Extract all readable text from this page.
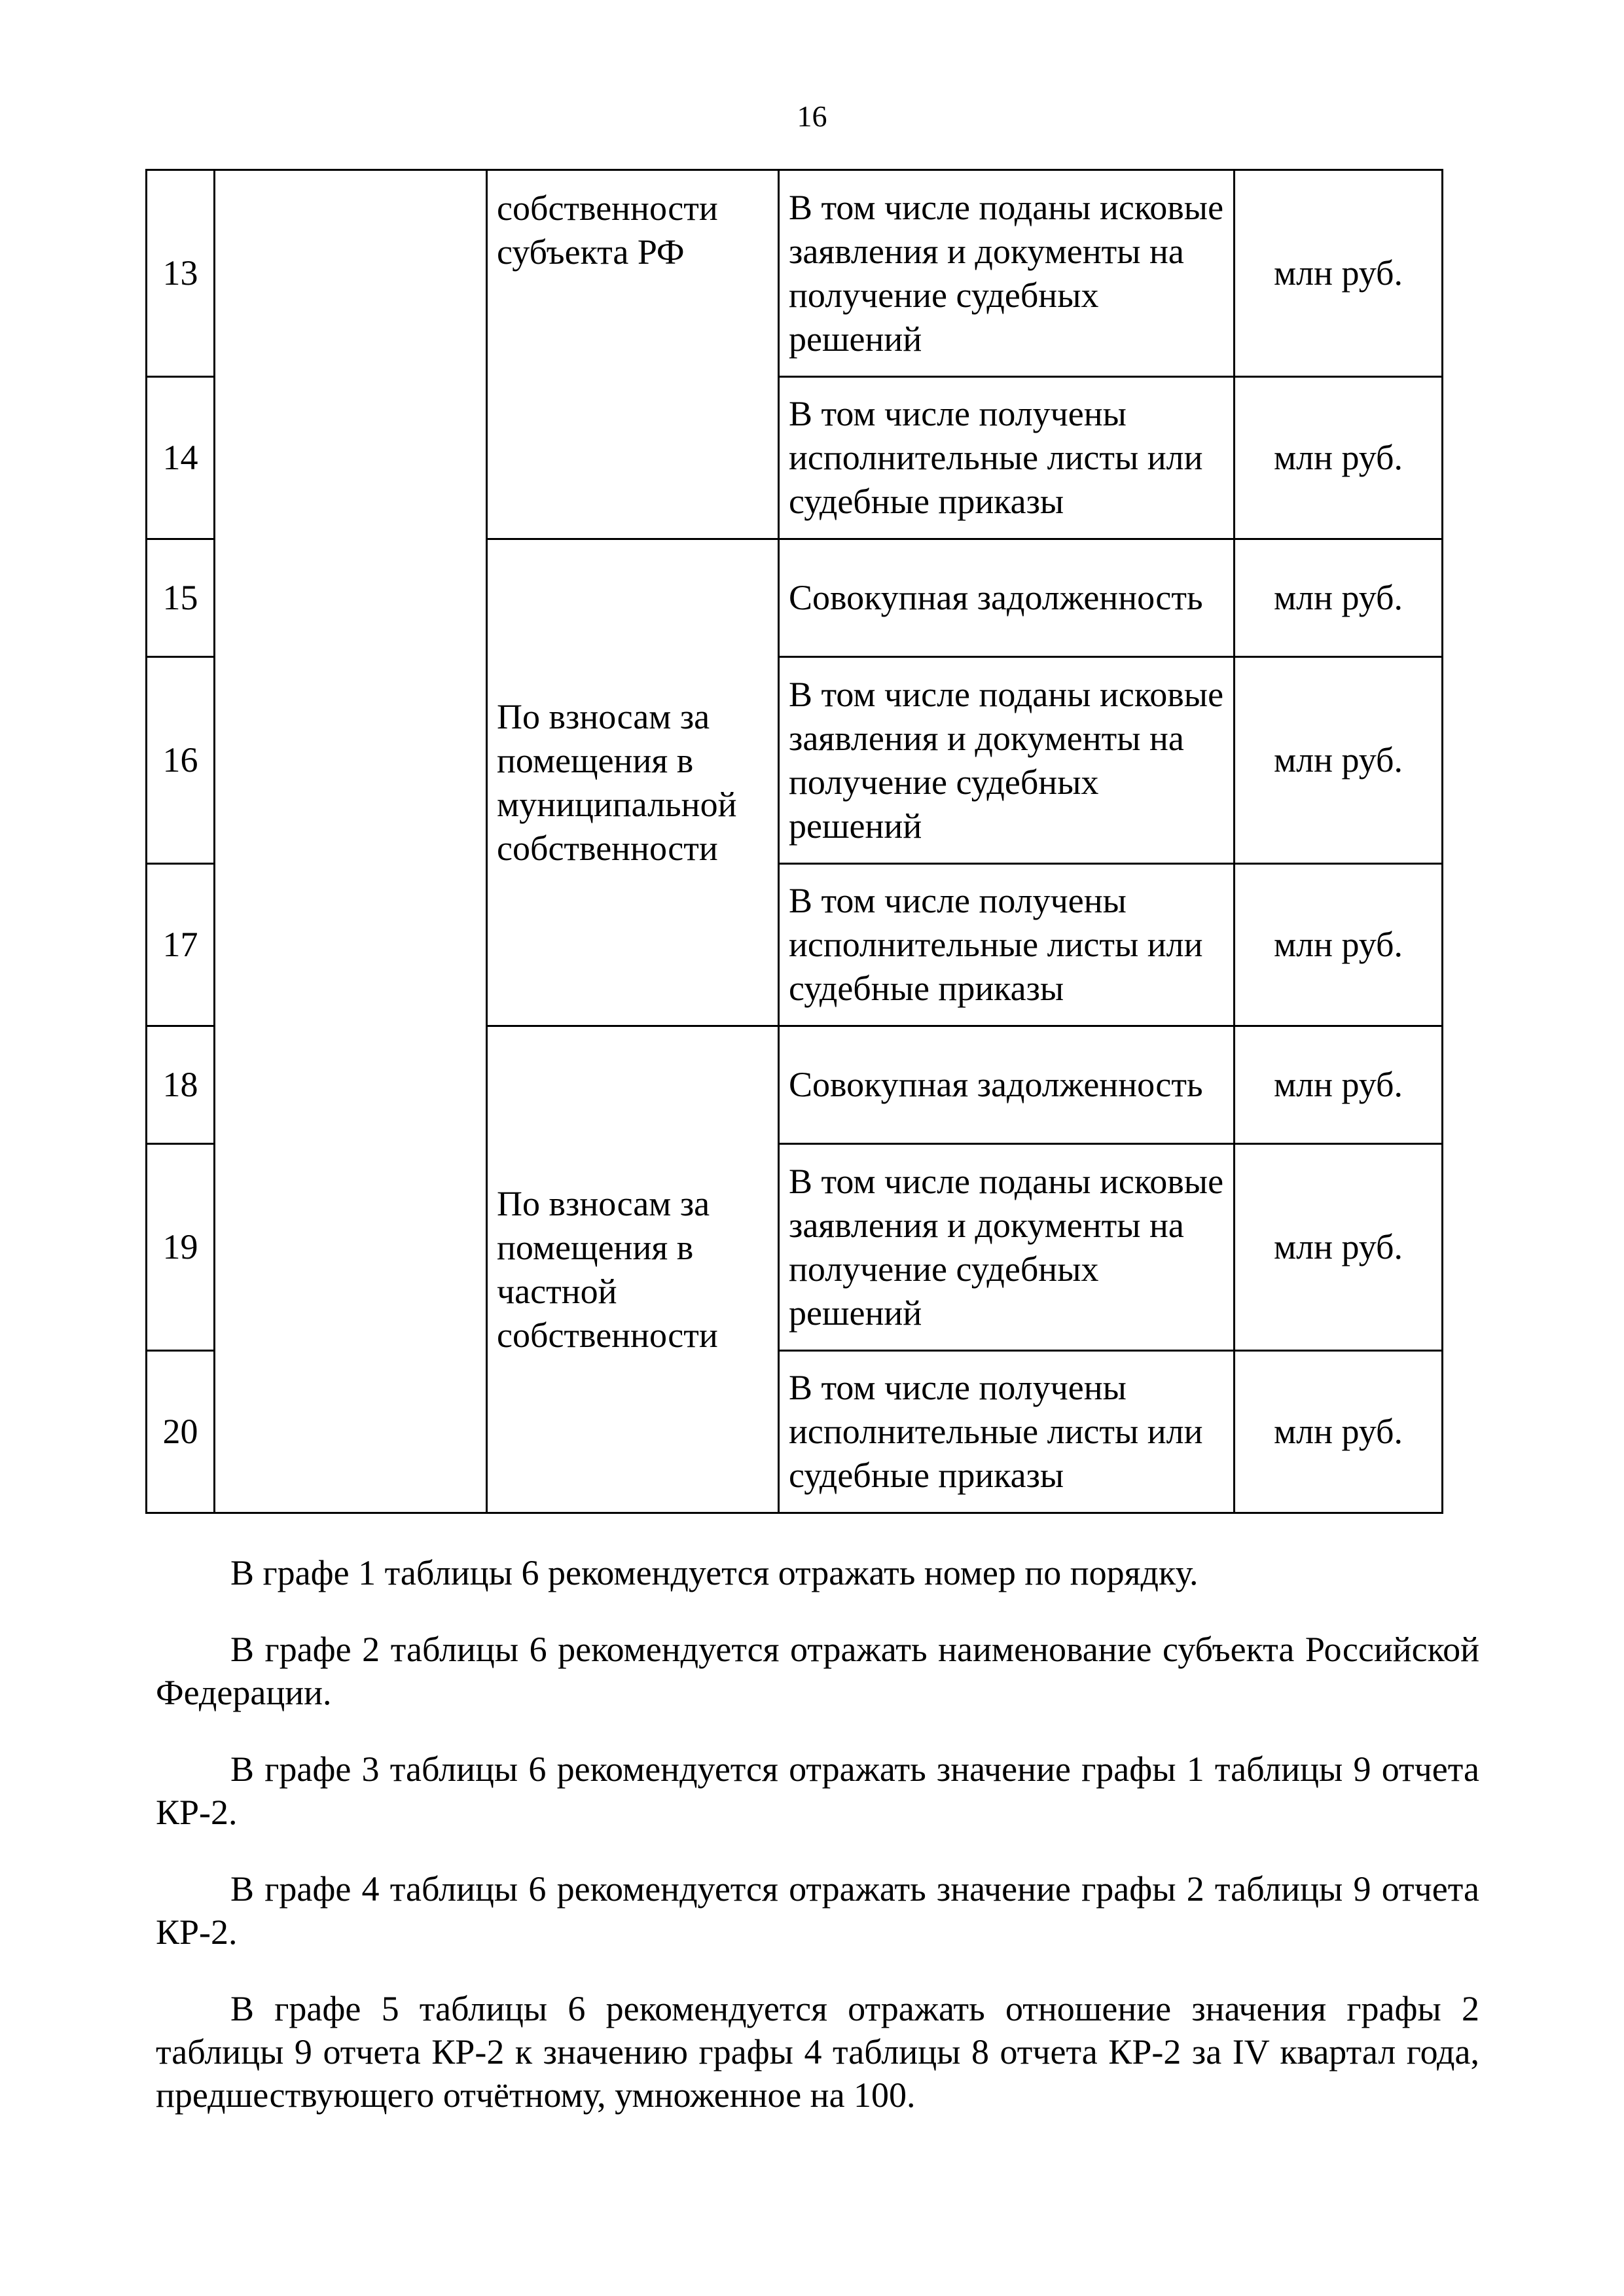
16
13		собственности субъекта РФ	В том числе поданы исковые заявления и документы на получение судебных решений	млн руб.
14			В том числе получены исполнительные листы или судебные приказы	млн руб.
15		По взносам за помещения в муниципальной собственности	Совокупная задолженность	млн руб.
16			В том числе поданы исковые заявления и документы на получение судебных решений	млн руб.
17			В том числе получены исполнительные листы или судебные приказы	млн руб.
18		По взносам за помещения в частной собственности	Совокупная задолженность	млн руб.
19			В том числе поданы исковые заявления и документы на получение судебных решений	млн руб.
20			В том числе получены исполнительные листы или судебные приказы	млн руб.

В графе 1 таблицы 6 рекомендуется отражать номер по порядку.

В графе 2 таблицы 6 рекомендуется отражать наименование субъекта Российской Федерации.

В графе 3 таблицы 6 рекомендуется отражать значение графы 1 таблицы 9 отчета КР-2.

В графе 4 таблицы 6 рекомендуется отражать значение графы 2 таблицы 9 отчета КР-2.

В графе 5 таблицы 6 рекомендуется отражать отношение значения графы 2 таблицы 9 отчета КР-2 к значению графы 4 таблицы 8 отчета КР-2 за IV квартал года, предшествующего отчётному, умноженное на 100.
